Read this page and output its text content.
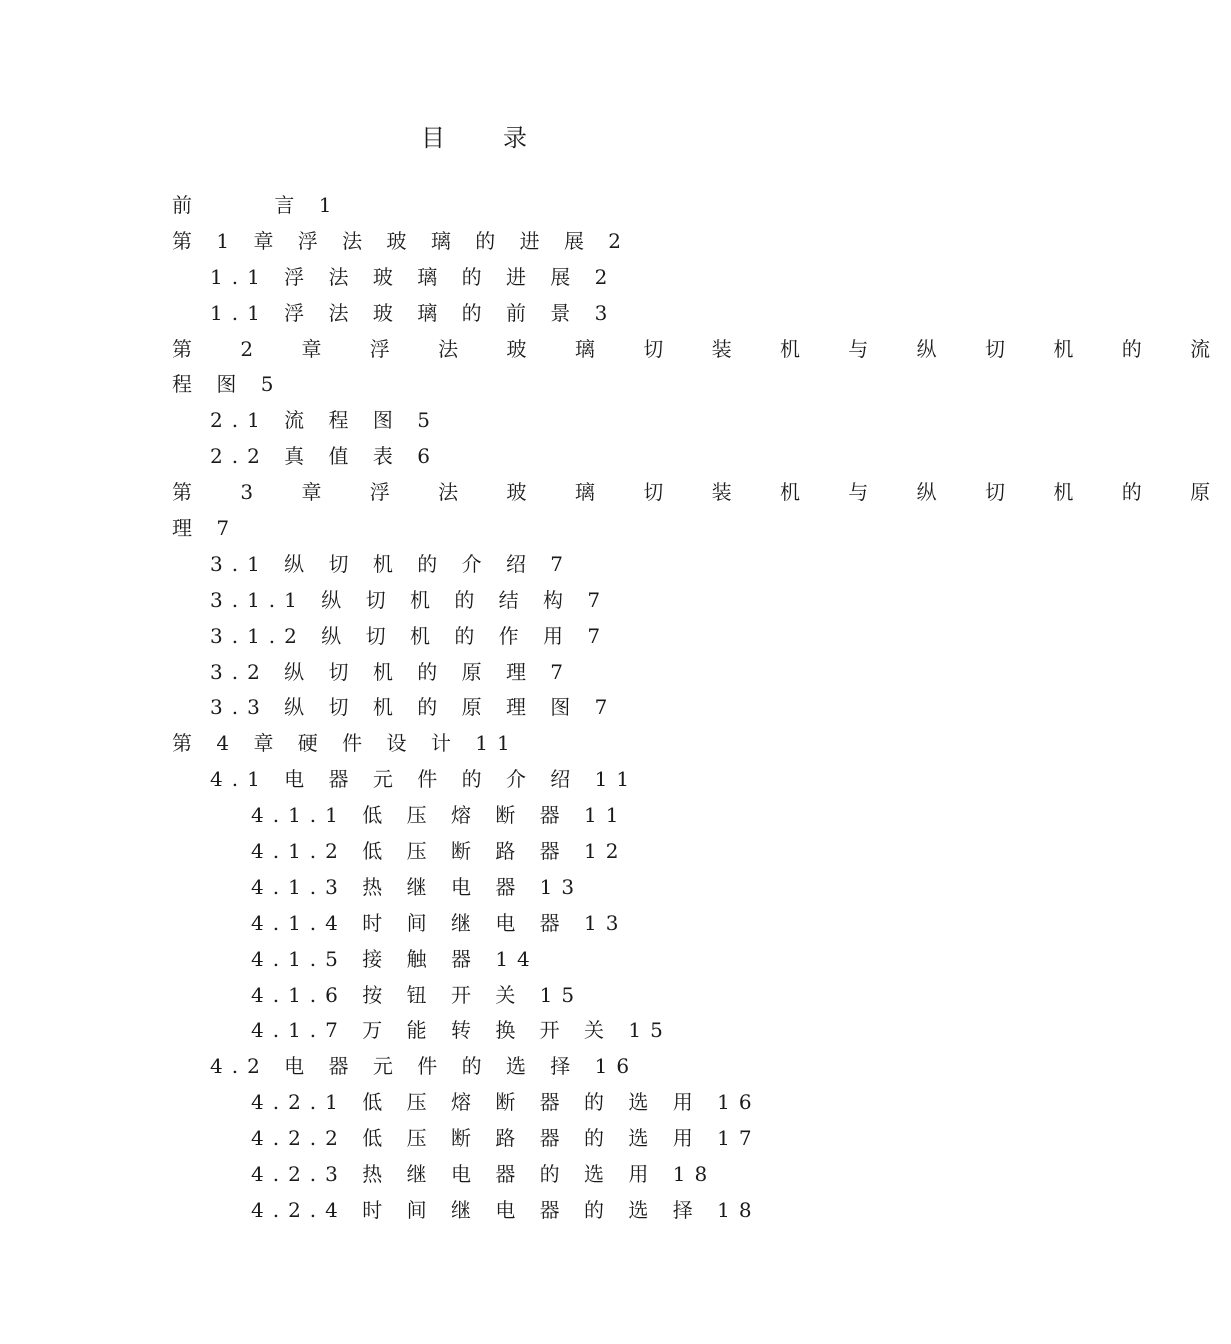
目 录
前　　 言 1
第 1 章 浮 法 玻 璃 的 进 展 2
1.1 浮 法 玻 璃 的 进 展 2
1.1 浮 法 玻 璃 的 前 景 3
第 2 章 浮 法 玻 璃 切 装 机 与 纵 切 机 的 流
程 图 5
2.1 流 程 图 5
2.2 真 值 表 6
第 3 章 浮 法 玻 璃 切 装 机 与 纵 切 机 的 原
理 7
3.1 纵 切 机 的 介 绍 7
3.1.1 纵 切 机 的 结 构 7
3.1.2 纵 切 机 的 作 用 7
3.2 纵 切 机 的 原 理 7
3.3 纵 切 机 的 原 理 图 7
第 4 章 硬 件 设 计 11
4.1 电 器 元 件 的 介 绍 11
4.1.1 低 压 熔 断 器 11
4.1.2 低 压 断 路 器 12
4.1.3 热 继 电 器 13
4.1.4 时 间 继 电 器 13
4.1.5 接 触 器 14
4.1.6 按 钮 开 关 15
4.1.7 万 能 转 换 开 关 15
4.2 电 器 元 件 的 选 择 16
4.2.1 低 压 熔 断 器 的 选 用 16
4.2.2 低 压 断 路 器 的 选 用 17
4.2.3 热 继 电 器 的 选 用 18
4.2.4 时 间 继 电 器 的 选 择 18
